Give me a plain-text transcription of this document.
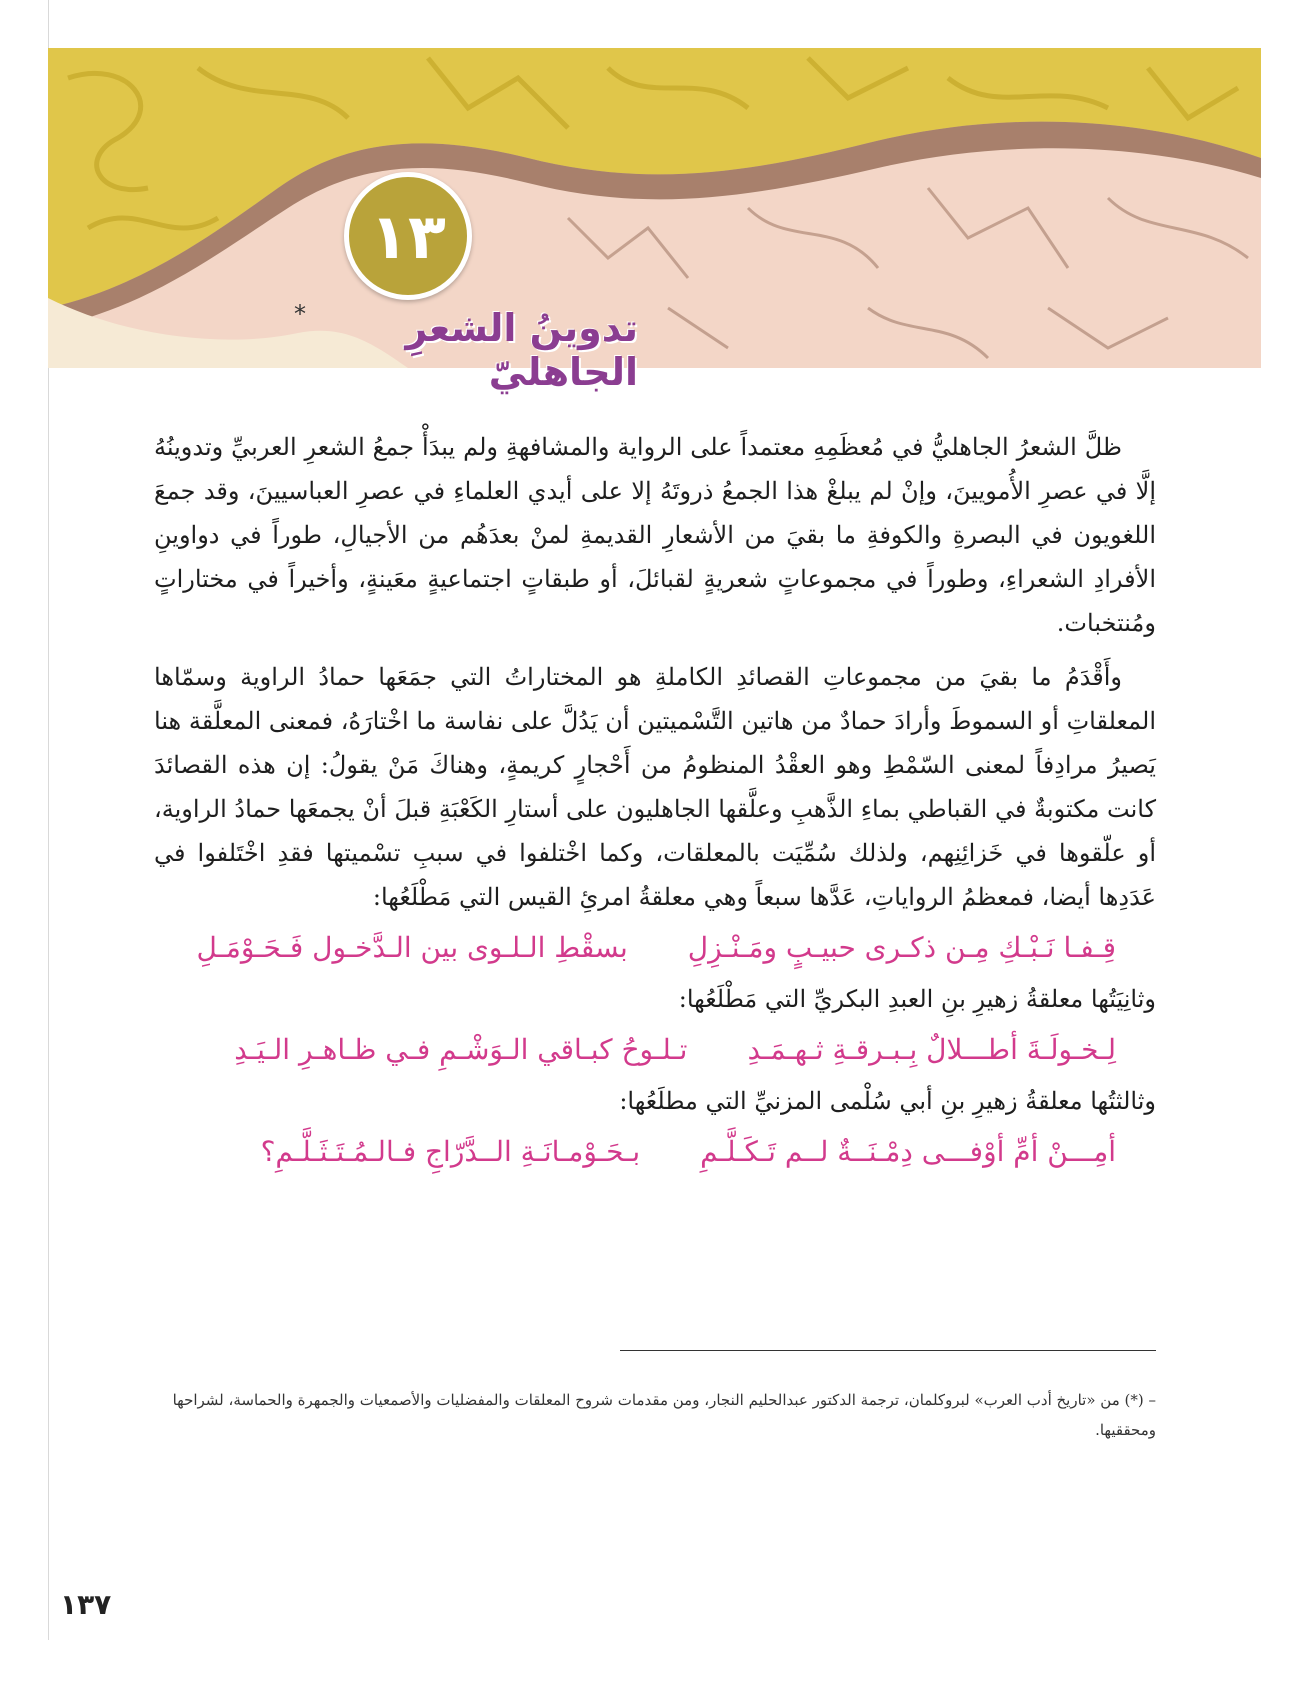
١٣
تدوينُ الشعرِ الجاهليّ
*

ظلَّ الشعرُ الجاهليُّ في مُعظَمِهِ معتمداً على الرواية والمشافهةِ ولم يبدَأْ جمعُ الشعرِ العربيِّ وتدوينُهُ إلَّا في عصرِ الأُمويينَ، وإنْ لم يبلغْ هذا الجمعُ ذروتَهُ إلا على أيدي العلماءِ في عصرِ العباسيينَ، وقد جمعَ اللغويون في البصرةِ والكوفةِ ما بقيَ من الأشعارِ القديمةِ لمنْ بعدَهُم من الأجيالِ، طوراً في دواوينِ الأفرادِ الشعراءِ، وطوراً في مجموعاتٍ شعريةٍ لقبائلَ، أو طبقاتٍ اجتماعيةٍ معَينةٍ، وأخيراً في مختاراتٍ ومُنتخبات.

وأَقْدَمُ ما بقيَ من مجموعاتِ القصائدِ الكاملةِ هو المختاراتُ التي جمَعَها حمادُ الراوية وسمّاها المعلقاتِ أو السموطَ وأرادَ حمادٌ من هاتين التَّسْميتين أن يَدُلَّ على نفاسة ما اخْتارَهُ، فمعنى المعلَّقة هنا يَصيرُ مرادِفاً لمعنى السّمْطِ وهو العقْدُ المنظومُ من أَحْجارٍ كريمةٍ، وهناكَ مَنْ يقولُ: إن هذه القصائدَ كانت مكتوبةٌ في القباطي بماءِ الذَّهبِ وعلَّقها الجاهليون على أستارِ الكَعْبَةِ قبلَ أنْ يجمعَها حمادُ الراوية، أو علّقوها في خَزائِنِهم، ولذلك سُمِّيَت بالمعلقات، وكما اخْتلفوا في سببِ تسْميتها فقدِ اخْتَلفوا في عَدَدِها أيضا، فمعظمُ الرواياتِ، عَدَّها سبعاً وهي معلقةُ امرئِ القيس التي مَطْلَعُها:

قِـفـا نَـبْـكِ مِـن ذكـرى حبيـبٍ ومَـنْـزِلِ
بسقْطِ الـلـوى بين الـدَّخـول فَـحَـوْمَـلِ

وثانِيَتُها معلقةُ زهيرِ بنِ العبدِ البكريِّ التي مَطْلَعُها:

لِـخـولَـةَ أطـــلالٌ بِـبـرقـةِ ثـهـمَـدِ
تـلـوحُ كبـاقي الـوَشْـمِ فـي ظـاهـرِ الـيَـدِ

وثالثتُها معلقةُ زهيرِ بنِ أبي سُلْمى المزنيِّ التي مطلَعُها:

أمِـــنْ أمِّ أوْفـــى دِمْـنَــةٌ لــم تَـكَـلَّـمِ
بـحَـوْمـانَـةِ الــدَّرّاجِ فـالـمُـتَـثَـلَّـمِ؟
– (*) من «تاريخ أدب العرب» لبروكلمان، ترجمة الدكتور عبدالحليم النجار، ومن مقدمات شروح المعلقات والمفضليات والأصمعيات والجمهرة والحماسة، لشراحها ومحققيها.
١٣٧
